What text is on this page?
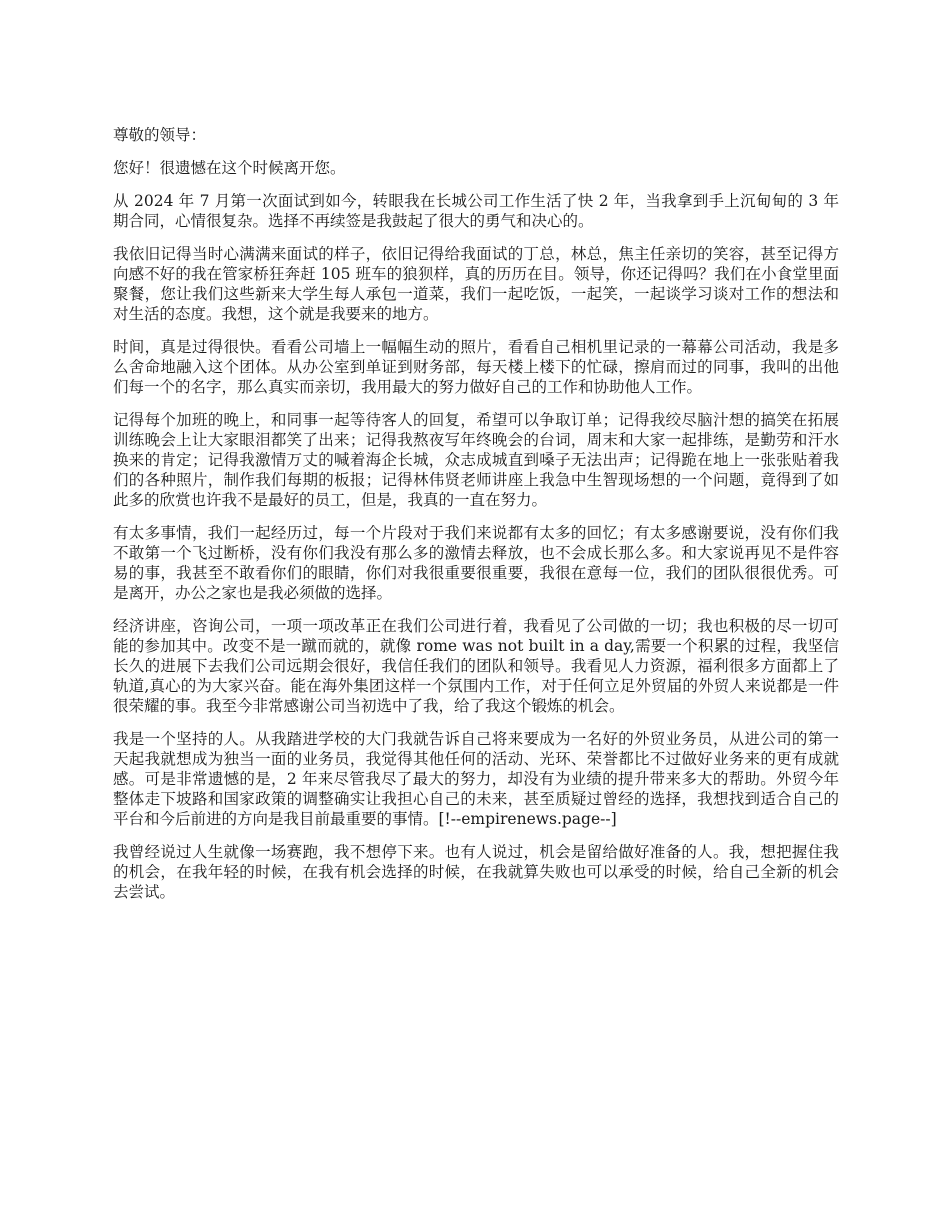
尊敬的领导：

您好！很遗憾在这个时候离开您。

从 2024 年 7 月第一次面试到如今，转眼我在长城公司工作生活了快 2 年，当我拿到手上沉甸甸的 3 年期合同，心情很复杂。选择不再续签是我鼓起了很大的勇气和决心的。

我依旧记得当时心满满来面试的样子，依旧记得给我面试的丁总，林总，焦主任亲切的笑容，甚至记得方向感不好的我在管家桥狂奔赶 105 班车的狼狈样，真的历历在目。领导，你还记得吗？我们在小食堂里面聚餐，您让我们这些新来大学生每人承包一道菜，我们一起吃饭，一起笑，一起谈学习谈对工作的想法和对生活的态度。我想，这个就是我要来的地方。

时间，真是过得很快。看看公司墙上一幅幅生动的照片，看看自己相机里记录的一幕幕公司活动，我是多么舍命地融入这个团体。从办公室到单证到财务部，每天楼上楼下的忙碌，擦肩而过的同事，我叫的出他们每一个的名字，那么真实而亲切，我用最大的努力做好自己的工作和协助他人工作。

记得每个加班的晚上，和同事一起等待客人的回复，希望可以争取订单；记得我绞尽脑汁想的搞笑在拓展训练晚会上让大家眼泪都笑了出来；记得我熬夜写年终晚会的台词，周末和大家一起排练，是勤劳和汗水换来的肯定；记得我激情万丈的喊着海企长城，众志成城直到嗓子无法出声；记得跪在地上一张张贴着我们的各种照片，制作我们每期的板报；记得林伟贤老师讲座上我急中生智现场想的一个问题，竟得到了如此多的欣赏也许我不是最好的员工，但是，我真的一直在努力。

有太多事情，我们一起经历过，每一个片段对于我们来说都有太多的回忆；有太多感谢要说，没有你们我不敢第一个飞过断桥，没有你们我没有那么多的激情去释放，也不会成长那么多。和大家说再见不是件容易的事，我甚至不敢看你们的眼睛，你们对我很重要很重要，我很在意每一位，我们的团队很很优秀。可是离开，办公之家也是我必须做的选择。

经济讲座，咨询公司，一项一项改革正在我们公司进行着，我看见了公司做的一切；我也积极的尽一切可能的参加其中。改变不是一蹴而就的，就像 rome was not built in a day,需要一个积累的过程，我坚信长久的进展下去我们公司远期会很好，我信任我们的团队和领导。我看见人力资源，福利很多方面都上了轨道,真心的为大家兴奋。能在海外集团这样一个氛围内工作，对于任何立足外贸届的外贸人来说都是一件很荣耀的事。我至今非常感谢公司当初选中了我，给了我这个锻炼的机会。

我是一个坚持的人。从我踏进学校的大门我就告诉自己将来要成为一名好的外贸业务员，从进公司的第一天起我就想成为独当一面的业务员，我觉得其他任何的活动、光环、荣誉都比不过做好业务来的更有成就感。可是非常遗憾的是，2 年来尽管我尽了最大的努力，却没有为业绩的提升带来多大的帮助。外贸今年整体走下坡路和国家政策的调整确实让我担心自己的未来，甚至质疑过曾经的选择，我想找到适合自己的平台和今后前进的方向是我目前最重要的事情。[!--empirenews.page--]

我曾经说过人生就像一场赛跑，我不想停下来。也有人说过，机会是留给做好准备的人。我，想把握住我的机会，在我年轻的时候，在我有机会选择的时候，在我就算失败也可以承受的时候，给自己全新的机会去尝试。
